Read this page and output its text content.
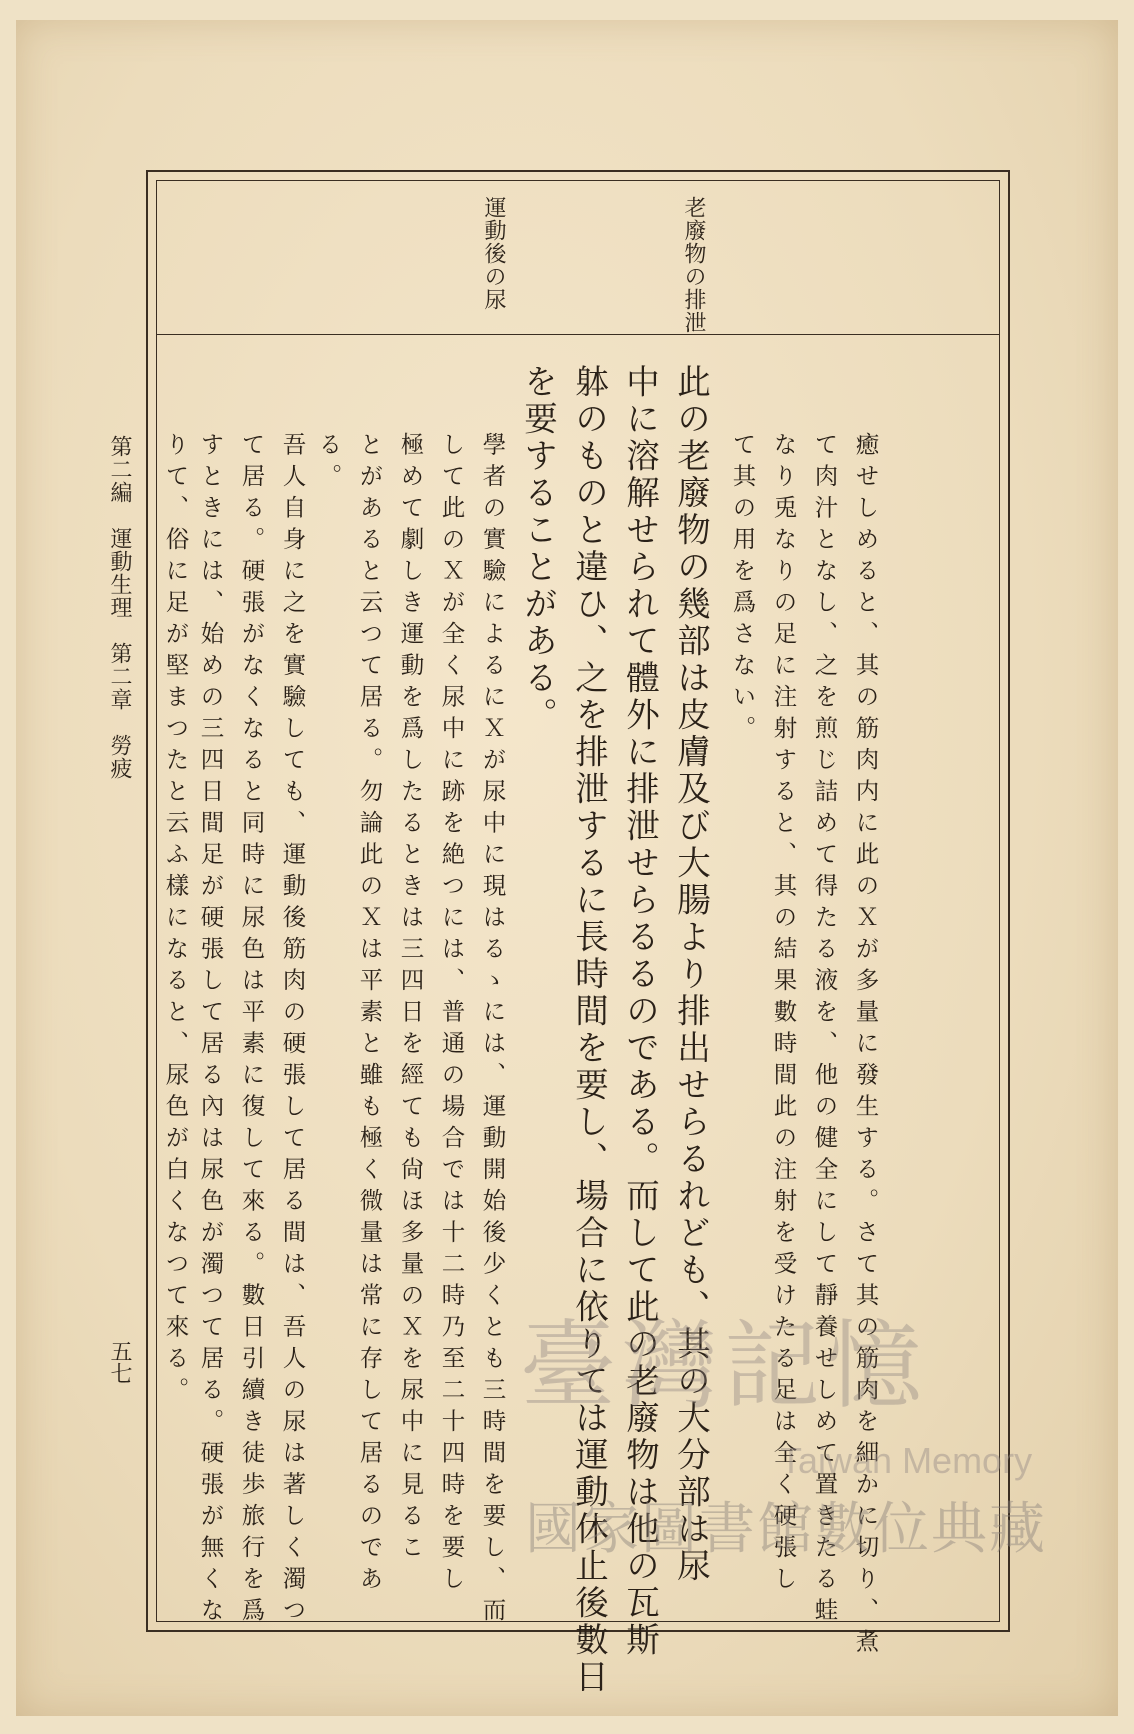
老廢物の排泄
運動後の尿
癒せしめると、其の筋肉内に此のＸが多量に發生する。さて其の筋肉を細かに切り、煮
て肉汁となし、之を煎じ詰めて得たる液を、他の健全にして靜養せしめて置きたる蛙
なり兎なりの足に注射すると、其の結果數時間此の注射を受けたる足は全く硬張し
て其の用を爲さない。
此の老廢物の幾部は皮膚及び大腸より排出せらるれども、其の大分部は尿
中に溶解せられて體外に排泄せらるるのである。而して此の老廢物は他の瓦斯
躰のものと違ひ、之を排泄するに長時間を要し、場合に依りては運動休止後數日
を要することがある。
學者の實驗によるにＸが尿中に現はるゝには、運動開始後少くとも三時間を要し、而
して此のＸが全く尿中に跡を絶つには、普通の場合では十二時乃至二十四時を要し
極めて劇しき運動を爲したるときは三四日を經ても尙ほ多量のＸを尿中に見るこ
とがあると云つて居る。勿論此のＸは平素と雖も極く微量は常に存して居るのであ
る。
吾人自身に之を實驗しても、運動後筋肉の硬張して居る間は、吾人の尿は著しく濁つ
て居る。硬張がなくなると同時に尿色は平素に復して來る。數日引續き徒歩旅行を爲
すときには、始めの三四日間足が硬張して居る內は尿色が濁つて居る。硬張が無くな
りて、俗に足が堅まつたと云ふ樣になると、尿色が白くなつて來る。
第二編　運動生理　第二章　勞疲
五七	臺灣記憶
Taiwan Memory
國家圖書館數位典藏
